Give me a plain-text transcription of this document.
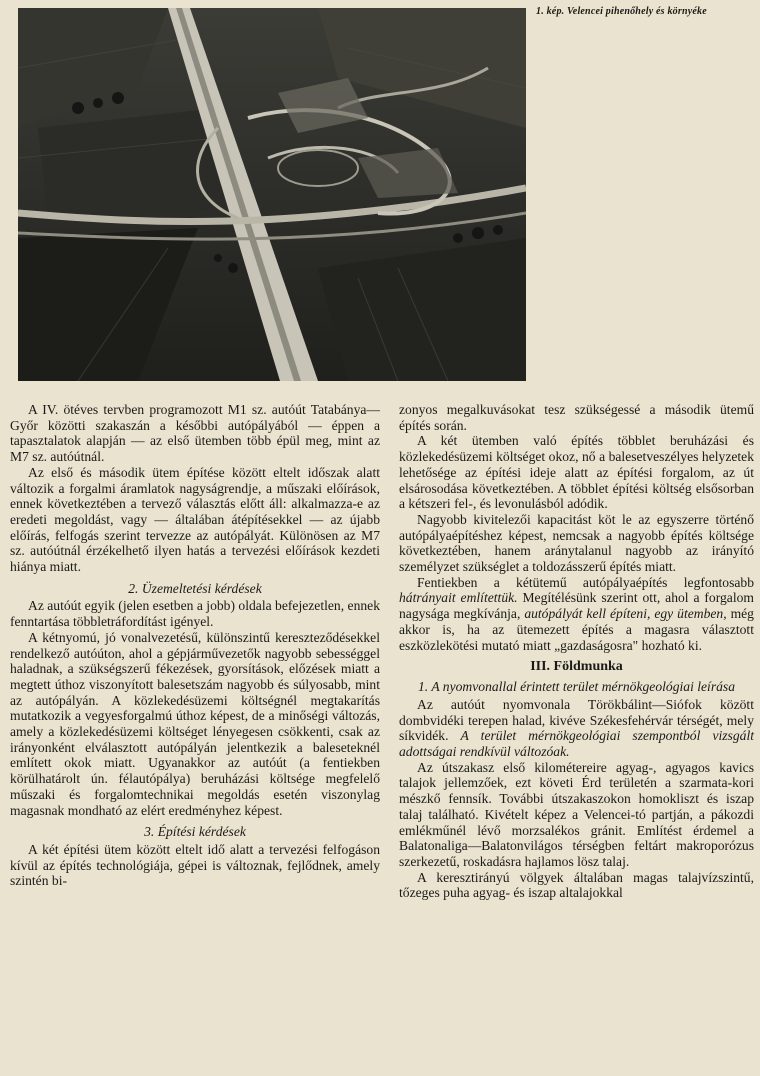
1. kép. Velencei pihenőhely és környéke

A IV. ötéves tervben programozott M1 sz. autóút Tatabánya—Győr közötti szakaszán a későbbi autópályából — éppen a tapasztalatok alapján — az első ütemben több épül meg, mint az M7 sz. autóútnál.

Az első és második ütem építése között eltelt időszak alatt változik a forgalmi áramlatok nagyságrendje, a műszaki előírások, ennek következtében a tervező választás előtt áll: alkalmazza-e az eredeti megoldást, vagy — általában átépítésekkel — az újabb előírás, felfogás szerint tervezze az autópályát. Különösen az M7 sz. autóútnál érzékelhető ilyen hatás a tervezési előírások kezdeti hiánya miatt.

2. Üzemeltetési kérdések

Az autóút egyik (jelen esetben a jobb) oldala befejezetlen, ennek fenntartása többletráfordítást igényel.

A kétnyomú, jó vonalvezetésű, különszintű kereszteződésekkel rendelkező autóúton, ahol a gépjárművezetők nagyobb sebességgel haladnak, a szükségszerű fékezések, gyorsítások, előzések miatt a megtett úthoz viszonyított balesetszám nagyobb és súlyosabb, mint az autópályán. A közlekedésüzemi költségnél megtakarítás mutatkozik a vegyesforgalmú úthoz képest, de a minőségi változás, amely a közlekedésüzemi költséget lényegesen csökkenti, csak az irányonként elválasztott autópályán jelentkezik a baleseteknél említett okok miatt. Ugyanakkor az autóút (a fentiekben körülhatárolt ún. félautópálya) beruházási költsége megfelelő műszaki és forgalomtechnikai megoldás esetén viszonylag magasnak mondható az elért eredményhez képest.

3. Építési kérdések

A két építési ütem között eltelt idő alatt a tervezési felfogáson kívül az építés technológiája, gépei is változnak, fejlődnek, amely szintén bi-

zonyos megalkuvásokat tesz szükségessé a második ütemű építés során.

A két ütemben való építés többlet beruházási és közlekedésüzemi költséget okoz, nő a balesetveszélyes helyzetek lehetősége az építési ideje alatt az építési forgalom, az út elsárosodása következtében. A többlet építési költség elsősorban a kétszeri fel-, és levonulásból adódik.

Nagyobb kivitelezői kapacitást köt le az egyszerre történő autópályaépítéshez képest, nemcsak a nagyobb építés költsége következtében, hanem aránytalanul nagyobb az irányító személyzet szükséglet a toldozásszerű építés miatt.

Fentiekben a kétütemű autópályaépítés legfontosabb hátrányait említettük. Megítélésünk szerint ott, ahol a forgalom nagysága megkívánja, autópályát kell építeni, egy ütemben, még akkor is, ha az ütemezett építés a magasra választott eszközlekötési mutató miatt „gazdaságosra" hozható ki.

III. Földmunka
1. A nyomvonallal érintett terület mérnökgeológiai leírása

Az autóút nyomvonala Törökbálint—Siófok között dombvidéki terepen halad, kivéve Székesfehérvár térségét, mely síkvidék. A terület mérnökgeológiai szempontból vizsgált adottságai rendkívül változóak.

Az útszakasz első kilométereire agyag-, agyagos kavics talajok jellemzőek, ezt követi Érd területén a szarmata-kori mészkő fennsík. További útszakaszokon homokliszt és iszap talaj található. Kivételt képez a Velencei-tó partján, a pákozdi emlékműnél lévő morzsalékos gránit. Említést érdemel a Balatonaliga—Balatonvilágos térségben feltárt makroporózus szerkezetű, roskadásra hajlamos lösz talaj.

A keresztirányú völgyek általában magas talajvízszintű, tőzeges puha agyag- és iszap altalajokkal
